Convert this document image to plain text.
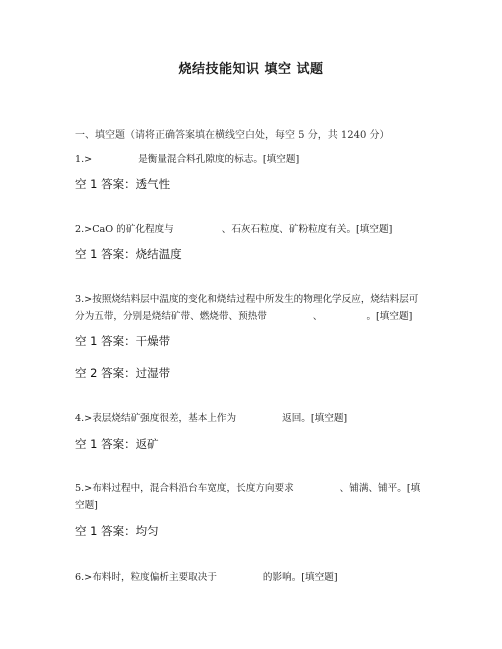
烧结技能知识 填空 试题
一、填空题（请将正确答案填在横线空白处，每空 5 分，共 1240 分）
1.>	是衡量混合料孔隙度的标志。[填空题]
空 1 答案：透气性
2.>CaO 的矿化程度与	、石灰石粒度、矿粉粒度有关。[填空题]
空 1 答案：烧结温度
3.>按照烧结料层中温度的变化和烧结过程中所发生的物理化学反应，烧结料层可
分为五带，分别是烧结矿带、燃烧带、预热带	、	。[填空题]
空 1 答案：干燥带
空 2 答案：过湿带
4.>表层烧结矿强度很差，基本上作为	返回。[填空题]
空 1 答案：返矿
5.>布料过程中，混合料沿台车宽度，长度方向要求	、铺满、铺平。[填
空题]
空 1 答案：均匀
6.>布料时，粒度偏析主要取决于	的影响。[填空题]
